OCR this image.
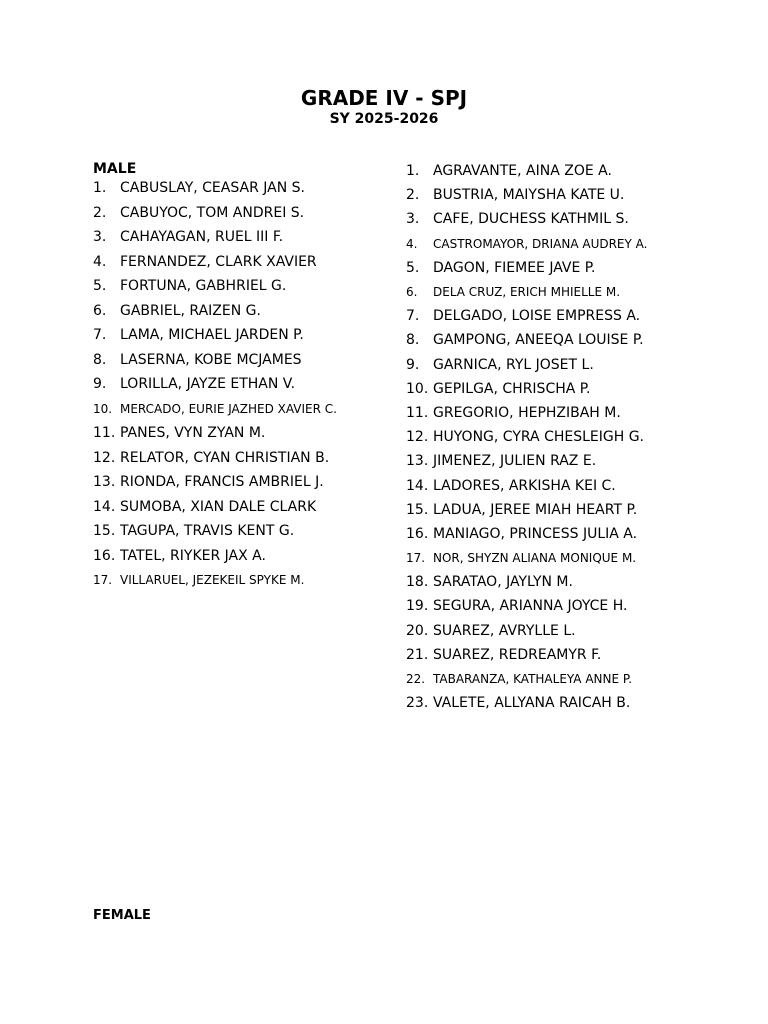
GRADE IV - SPJ
SY 2025-2026
MALE
1. CABUSLAY, CEASAR JAN S.
2. CABUYOC, TOM ANDREI S.
3. CAHAYAGAN, RUEL III F.
4. FERNANDEZ, CLARK XAVIER
5. FORTUNA, GABHRIEL G.
6. GABRIEL, RAIZEN G.
7. LAMA, MICHAEL JARDEN P.
8. LASERNA, KOBE MCJAMES
9. LORILLA, JAYZE ETHAN V.
10. MERCADO, EURIE JAZHED XAVIER C.
11. PANES, VYN ZYAN M.
12. RELATOR, CYAN CHRISTIAN B.
13. RIONDA, FRANCIS AMBRIEL J.
14. SUMOBA, XIAN DALE CLARK
15. TAGUPA, TRAVIS KENT G.
16. TATEL, RIYKER JAX A.
17. VILLARUEL, JEZEKEIL SPYKE M.
1. AGRAVANTE, AINA ZOE A.
2. BUSTRIA, MAIYSHA KATE U.
3. CAFE, DUCHESS KATHMIL S.
4.	CASTROMAYOR, DRIANA AUDREY A.
5. DAGON, FIEMEE JAVE P.
6.	DELA CRUZ, ERICH MHIELLE M.
7. DELGADO, LOISE EMPRESS A.
8. GAMPONG, ANEEQA LOUISE P.
9. GARNICA, RYL JOSET L.
10. GEPILGA, CHRISCHA P.
11. GREGORIO, HEPHZIBAH M.
12. HUYONG, CYRA CHESLEIGH G.
13. JIMENEZ, JULIEN RAZ E.
14. LADORES, ARKISHA KEI C.
15. LADUA, JEREE MIAH HEART P.
16. MANIAGO, PRINCESS JULIA A.
17. NOR, SHYZN ALIANA MONIQUE M.
18. SARATAO, JAYLYN M.
19. SEGURA, ARIANNA JOYCE H.
20. SUAREZ, AVRYLLE L.
21. SUAREZ, REDREAMYR F.
22. TABARANZA, KATHALEYA ANNE P.
23. VALETE, ALLYANA RAICAH B.
FEMALE
